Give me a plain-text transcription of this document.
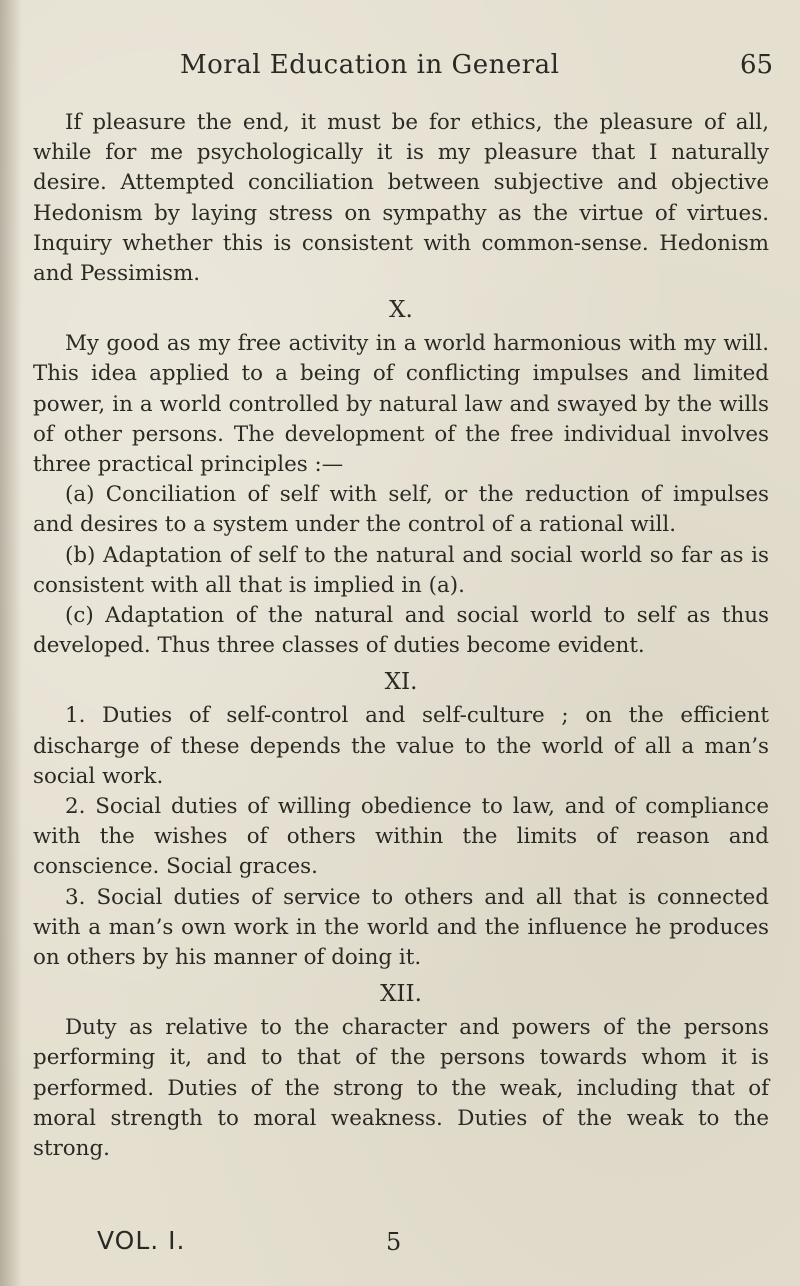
Moral Education in General	65

If pleasure the end, it must be for ethics, the pleasure of all, while for me psychologically it is my pleasure that I naturally desire. Attempted conciliation between subjective and objective Hedonism by laying stress on sympathy as the virtue of virtues. Inquiry whether this is consistent with common-sense. Hedonism and Pessimism.

X.

My good as my free activity in a world harmonious with my will. This idea applied to a being of conflicting impulses and limited power, in a world controlled by natural law and swayed by the wills of other persons. The development of the free individual involves three practical principles :—

(a) Conciliation of self with self, or the reduction of impulses and desires to a system under the control of a rational will.

(b) Adaptation of self to the natural and social world so far as is consistent with all that is implied in (a).

(c) Adaptation of the natural and social world to self as thus developed. Thus three classes of duties become evident.

XI.

1. Duties of self-control and self-culture ; on the efficient discharge of these depends the value to the world of all a man’s social work.

2. Social duties of willing obedience to law, and of compliance with the wishes of others within the limits of reason and conscience. Social graces.

3. Social duties of service to others and all that is connected with a man’s own work in the world and the influence he produces on others by his manner of doing it.

XII.

Duty as relative to the character and powers of the persons performing it, and to that of the persons towards whom it is performed. Duties of the strong to the weak, including that of moral strength to moral weakness. Duties of the weak to the strong.

VOL. I.	5
